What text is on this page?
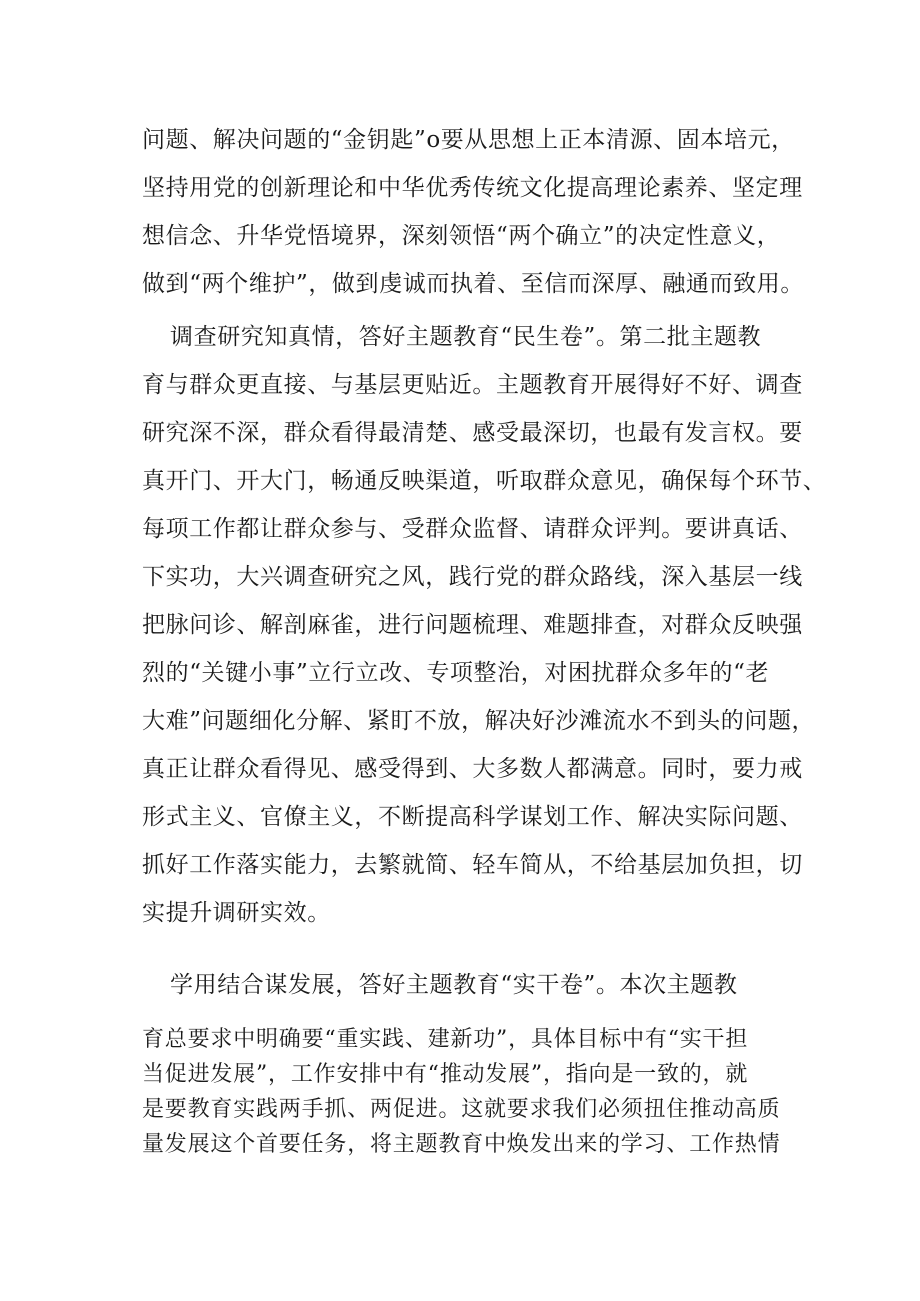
问题、解决问题的“金钥匙”o要从思想上正本清源、固本培元，
坚持用党的创新理论和中华优秀传统文化提高理论素养、坚定理
想信念、升华党悟境界，深刻领悟“两个确立”的决定性意义，
做到“两个维护”，做到虔诚而执着、至信而深厚、融通而致用。
调查研究知真情，答好主题教育“民生卷”。第二批主题教
育与群众更直接、与基层更贴近。主题教育开展得好不好、调查
研究深不深，群众看得最清楚、感受最深切，也最有发言权。要
真开门、开大门，畅通反映渠道，听取群众意见，确保每个环节、
每项工作都让群众参与、受群众监督、请群众评判。要讲真话、
下实功，大兴调查研究之风，践行党的群众路线，深入基层一线
把脉问诊、解剖麻雀，进行问题梳理、难题排查，对群众反映强
烈的“关键小事”立行立改、专项整治，对困扰群众多年的“老
大难”问题细化分解、紧盯不放，解决好沙滩流水不到头的问题，
真正让群众看得见、感受得到、大多数人都满意。同时，要力戒
形式主义、官僚主义，不断提高科学谋划工作、解决实际问题、
抓好工作落实能力，去繁就简、轻车简从，不给基层加负担，切
实提升调研实效。
学用结合谋发展，答好主题教育“实干卷”。本次主题教
育总要求中明确要“重实践、建新功”，具体目标中有“实干担
当促进发展”，工作安排中有“推动发展”，指向是一致的，就
是要教育实践两手抓、两促进。这就要求我们必须扭住推动高质
量发展这个首要任务，将主题教育中焕发出来的学习、工作热情
